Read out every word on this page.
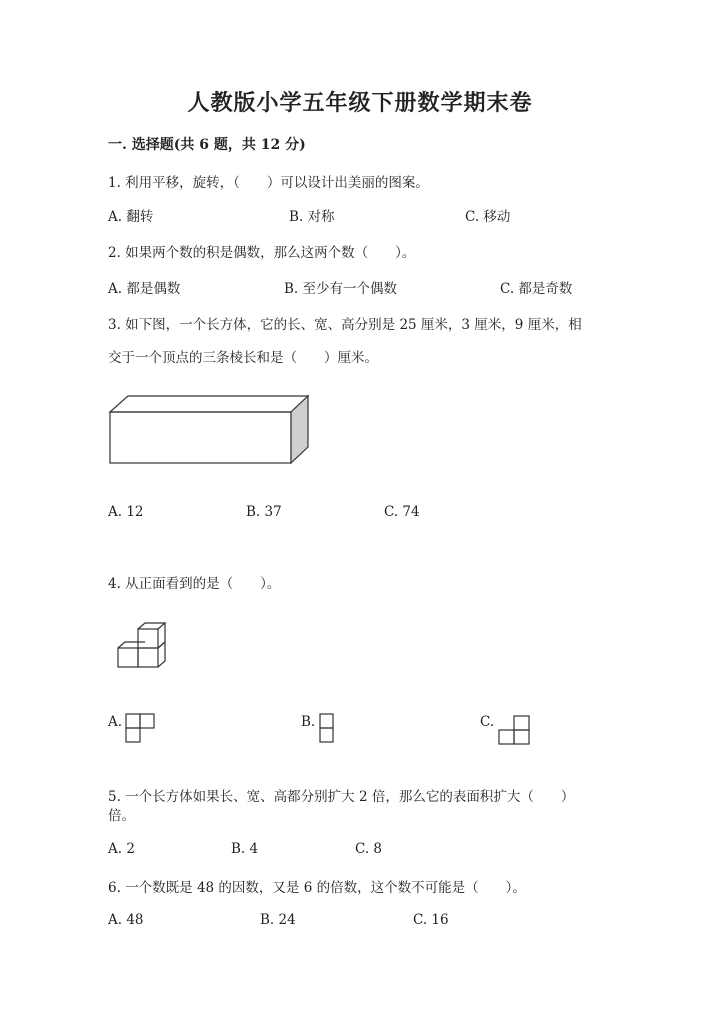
人教版小学五年级下册数学期末卷
一. 选择题(共 6 题，共 12 分)
1. 利用平移，旋转，（　　）可以设计出美丽的图案。
A. 翻转	B. 对称	C. 移动
2. 如果两个数的积是偶数，那么这两个数（　　）。
A. 都是偶数	B. 至少有一个偶数	C. 都是奇数
3. 如下图，一个长方体，它的长、宽、高分别是 25 厘米，3 厘米，9 厘米，相
交于一个顶点的三条棱长和是（　　）厘米。
A. 12	B. 37	C. 74
4. 从正面看到的是（　　）。
A.	B.	C.
5. 一个长方体如果长、宽、高都分别扩大 2 倍，那么它的表面积扩大（　　）
倍。
A. 2	B. 4	C. 8
6. 一个数既是 48 的因数，又是 6 的倍数，这个数不可能是（　　）。
A. 48	B. 24	C. 16
